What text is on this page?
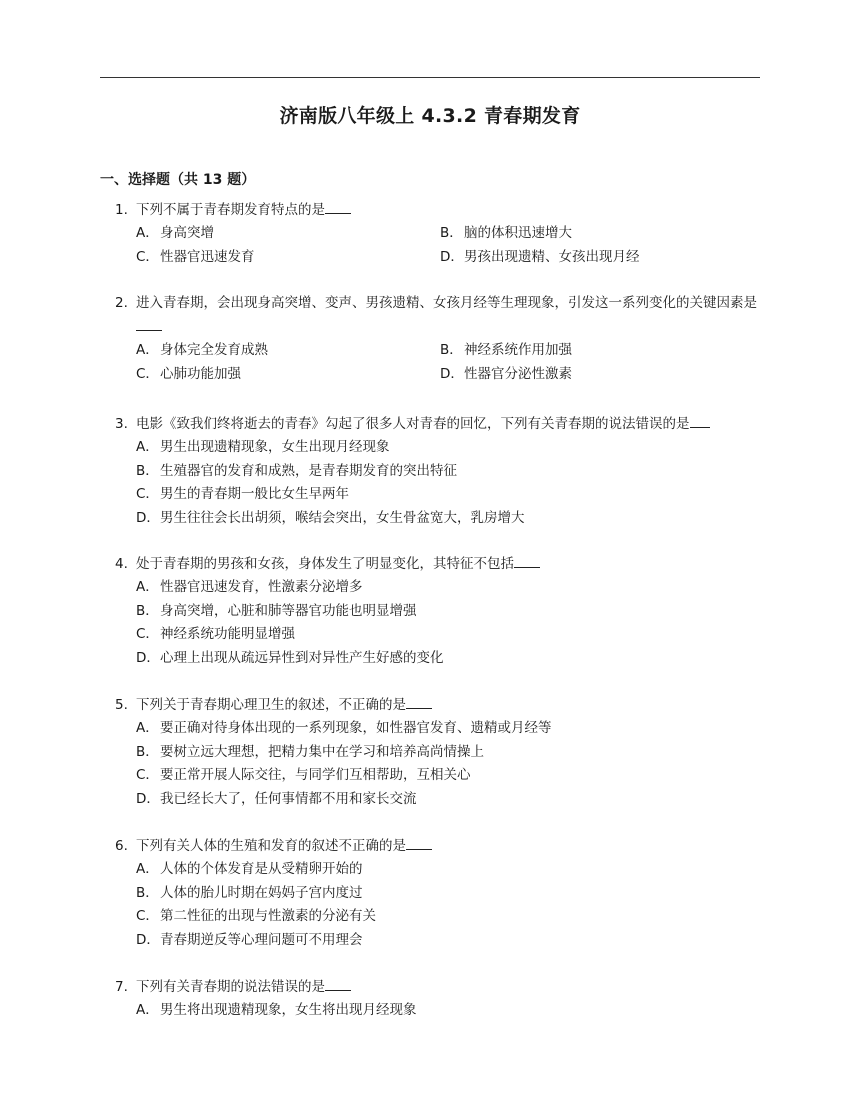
济南版八年级上 4.3.2 青春期发育
一、选择题（共 13 题）
1. 下列不属于青春期发育特点的是
A． 身高突增	B． 脑的体积迅速增大
C． 性器官迅速发育	D． 男孩出现遗精、女孩出现月经
2. 进入青春期，会出现身高突增、变声、男孩遗精、女孩月经等生理现象，引发这一系列变化的关键因素是
A． 身体完全发育成熟	B． 神经系统作用加强
C． 心肺功能加强	D． 性器官分泌性激素
3. 电影《致我们终将逝去的青春》勾起了很多人对青春的回忆，下列有关青春期的说法错误的是
A． 男生出现遗精现象，女生出现月经现象
B． 生殖器官的发育和成熟，是青春期发育的突出特征
C． 男生的青春期一般比女生早两年
D． 男生往往会长出胡须，喉结会突出，女生骨盆宽大，乳房增大
4. 处于青春期的男孩和女孩，身体发生了明显变化，其特征不包括
A． 性器官迅速发育，性激素分泌增多
B． 身高突增，心脏和肺等器官功能也明显增强
C． 神经系统功能明显增强
D． 心理上出现从疏远异性到对异性产生好感的变化
5. 下列关于青春期心理卫生的叙述，不正确的是
A． 要正确对待身体出现的一系列现象，如性器官发育、遗精或月经等
B． 要树立远大理想，把精力集中在学习和培养高尚情操上
C． 要正常开展人际交往，与同学们互相帮助，互相关心
D． 我已经长大了，任何事情都不用和家长交流
6. 下列有关人体的生殖和发育的叙述不正确的是
A． 人体的个体发育是从受精卵开始的
B． 人体的胎儿时期在妈妈子宫内度过
C． 第二性征的出现与性激素的分泌有关
D． 青春期逆反等心理问题可不用理会
7. 下列有关青春期的说法错误的是
A． 男生将出现遗精现象，女生将出现月经现象
